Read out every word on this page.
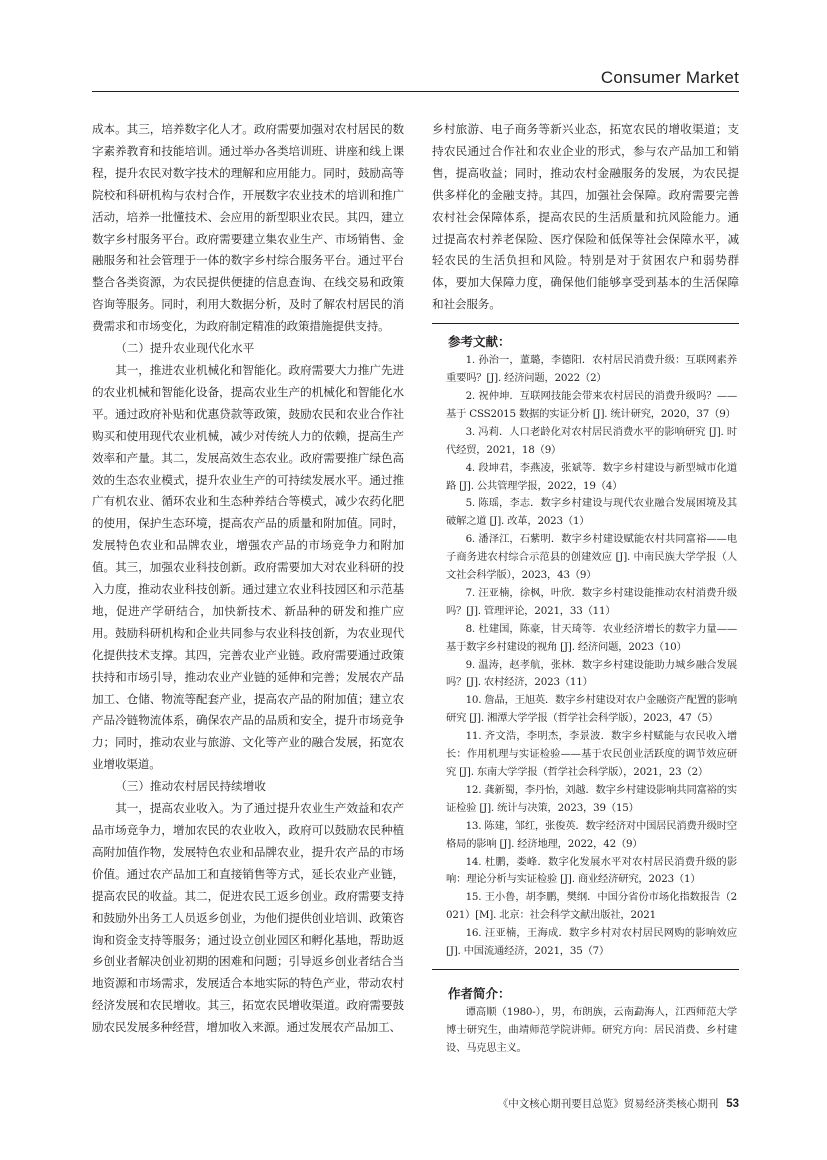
Consumer Market

成本。其三，培养数字化人才。政府需要加强对农村居民的数字素养教育和技能培训。通过举办各类培训班、讲座和线上课程，提升农民对数字技术的理解和应用能力。同时，鼓励高等院校和科研机构与农村合作，开展数字农业技术的培训和推广活动，培养一批懂技术、会应用的新型职业农民。其四，建立数字乡村服务平台。政府需要建立集农业生产、市场销售、金融服务和社会管理于一体的数字乡村综合服务平台。通过平台整合各类资源，为农民提供便捷的信息查询、在线交易和政策咨询等服务。同时，利用大数据分析，及时了解农村居民的消费需求和市场变化，为政府制定精准的政策措施提供支持。

（二）提升农业现代化水平

其一，推进农业机械化和智能化。政府需要大力推广先进的农业机械和智能化设备，提高农业生产的机械化和智能化水平。通过政府补贴和优惠贷款等政策，鼓励农民和农业合作社购买和使用现代农业机械，减少对传统人力的依赖，提高生产效率和产量。其二，发展高效生态农业。政府需要推广绿色高效的生态农业模式，提升农业生产的可持续发展水平。通过推广有机农业、循环农业和生态种养结合等模式，减少农药化肥的使用，保护生态环境，提高农产品的质量和附加值。同时，发展特色农业和品牌农业，增强农产品的市场竞争力和附加值。其三，加强农业科技创新。政府需要加大对农业科研的投入力度，推动农业科技创新。通过建立农业科技园区和示范基地，促进产学研结合，加快新技术、新品种的研发和推广应用。鼓励科研机构和企业共同参与农业科技创新，为农业现代化提供技术支撑。其四，完善农业产业链。政府需要通过政策扶持和市场引导，推动农业产业链的延伸和完善；发展农产品加工、仓储、物流等配套产业，提高农产品的附加值；建立农产品冷链物流体系，确保农产品的品质和安全，提升市场竞争力；同时，推动农业与旅游、文化等产业的融合发展，拓宽农业增收渠道。

（三）推动农村居民持续增收

其一，提高农业收入。为了通过提升农业生产效益和农产品市场竞争力，增加农民的农业收入，政府可以鼓励农民种植高附加值作物，发展特色农业和品牌农业，提升农产品的市场价值。通过农产品加工和直接销售等方式，延长农业产业链，提高农民的收益。其二，促进农民工返乡创业。政府需要支持和鼓励外出务工人员返乡创业，为他们提供创业培训、政策咨询和资金支持等服务；通过设立创业园区和孵化基地，帮助返乡创业者解决创业初期的困难和问题；引导返乡创业者结合当地资源和市场需求，发展适合本地实际的特色产业，带动农村经济发展和农民增收。其三，拓宽农民增收渠道。政府需要鼓励农民发展多种经营，增加收入来源。通过发展农产品加工、

乡村旅游、电子商务等新兴业态，拓宽农民的增收渠道；支持农民通过合作社和农业企业的形式，参与农产品加工和销售，提高收益；同时，推动农村金融服务的发展，为农民提供多样化的金融支持。其四，加强社会保障。政府需要完善农村社会保障体系，提高农民的生活质量和抗风险能力。通过提高农村养老保险、医疗保险和低保等社会保障水平，减轻农民的生活负担和风险。特别是对于贫困农户和弱势群体，要加大保障力度，确保他们能够享受到基本的生活保障和社会服务。

参考文献：
1. 孙治一，董璐，李德阳．农村居民消费升级：互联网素养重要吗？[J]. 经济问题，2022（2）
2. 祝仲坤．互联网技能会带来农村居民的消费升级吗？——基于 CSS2015 数据的实证分析 [J]. 统计研究，2020，37（9）
3. 冯莉．人口老龄化对农村居民消费水平的影响研究 [J]. 时代经贸，2021，18（9）
4. 段坤君，李燕凌，张斌等．数字乡村建设与新型城市化道路 [J]. 公共管理学报，2022，19（4）
5. 陈瑶，李志．数字乡村建设与现代农业融合发展困境及其破解之道 [J]. 改革，2023（1）
6. 潘泽江，石紫明．数字乡村建设赋能农村共同富裕——电子商务进农村综合示范县的创建效应 [J]. 中南民族大学学报（人文社会科学版），2023，43（9）
7. 汪亚楠，徐枫，叶欣．数字乡村建设能推动农村消费升级吗？[J]. 管理评论，2021，33（11）
8. 杜建国，陈豪，甘天琦等．农业经济增长的数字力量——基于数字乡村建设的视角 [J]. 经济问题，2023（10）
9. 温涛，赵孝航，张林．数字乡村建设能助力城乡融合发展吗？[J]. 农村经济，2023（11）
10. 詹晶，王旭英．数字乡村建设对农户金融资产配置的影响研究 [J]. 湘潭大学学报（哲学社会科学版），2023，47（5）
11. 齐文浩，李明杰，李景波．数字乡村赋能与农民收入增长：作用机理与实证检验——基于农民创业活跃度的调节效应研究 [J]. 东南大学学报（哲学社会科学版），2021，23（2）
12. 龚新蜀，李丹怡，刘越．数字乡村建设影响共同富裕的实证检验 [J]. 统计与决策，2023，39（15）
13. 陈建，邹红，张俊英．数字经济对中国居民消费升级时空格局的影响 [J]. 经济地理，2022，42（9）
14. 杜鹏，娄峰．数字化发展水平对农村居民消费升级的影响：理论分析与实证检验 [J]. 商业经济研究，2023（1）
15. 王小鲁，胡李鹏，樊纲．中国分省份市场化指数报告（2021）[M]. 北京：社会科学文献出版社，2021
16. 汪亚楠，王海成．数字乡村对农村居民网购的影响效应 [J]. 中国流通经济，2021，35（7）
作者简介：

谭高顺（1980-），男，布朗族，云南勐海人，江西师范大学博士研究生，曲靖师范学院讲师。研究方向：居民消费、乡村建设、马克思主义。

《中文核心期刊要目总览》贸易经济类核心期刊 53
